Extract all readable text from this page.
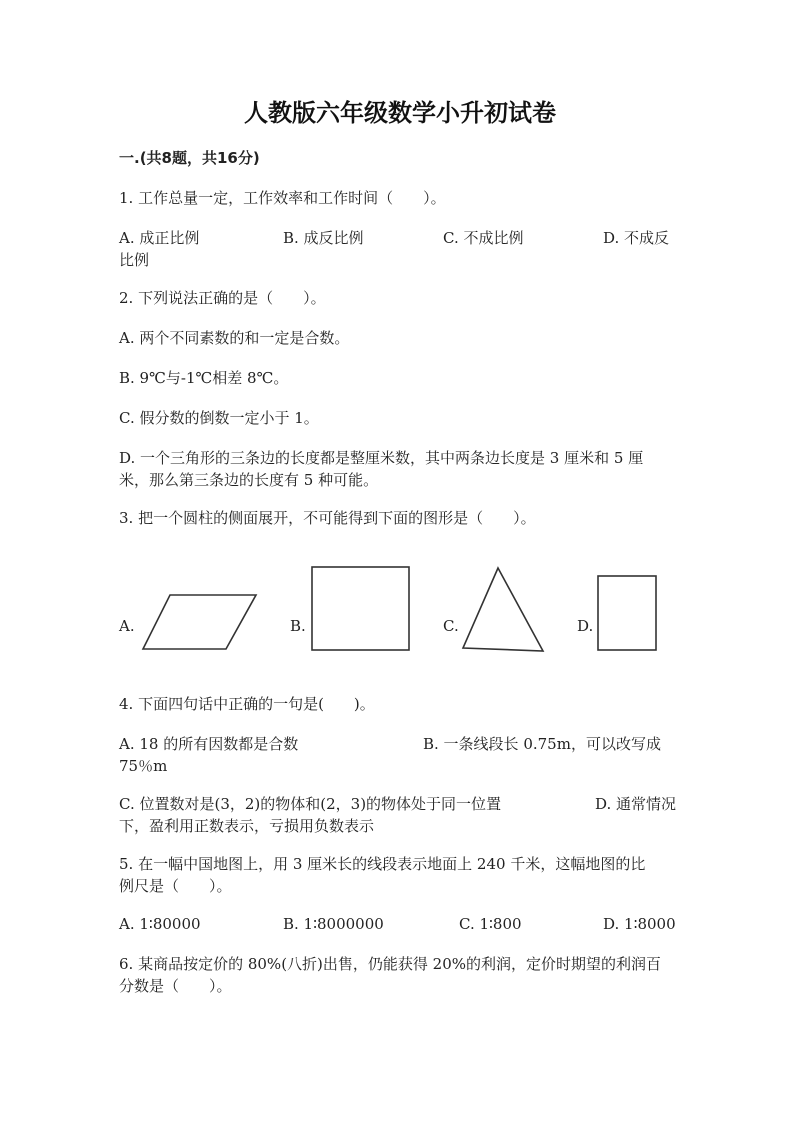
人教版六年级数学小升初试卷
一.(共8题，共16分)
1. 工作总量一定，工作效率和工作时间（　　）。
A. 成正比例	B. 成反比例	C. 不成比例	D. 不成反
比例
2. 下列说法正确的是（　　）。
A. 两个不同素数的和一定是合数。
B. 9℃与-1℃相差 8℃。
C. 假分数的倒数一定小于 1。
D. 一个三角形的三条边的长度都是整厘米数，其中两条边长度是 3 厘米和 5 厘
米，那么第三条边的长度有 5 种可能。
3. 把一个圆柱的侧面展开，不可能得到下面的图形是（　　）。
A.	B.	C.	D.
4. 下面四句话中正确的一句是(　　)。
A. 18 的所有因数都是合数	B. 一条线段长 0.75m，可以改写成
75％m
C. 位置数对是(3，2)的物体和(2，3)的物体处于同一位置	D. 通常情况
下，盈利用正数表示，亏损用负数表示
5. 在一幅中国地图上，用 3 厘米长的线段表示地面上 240 千米，这幅地图的比
例尺是（　　）。
A. 1∶80000	B. 1∶8000000	C. 1∶800	D. 1∶8000
6. 某商品按定价的 80%(八折)出售，仍能获得 20%的利润，定价时期望的利润百
分数是（　　）。
